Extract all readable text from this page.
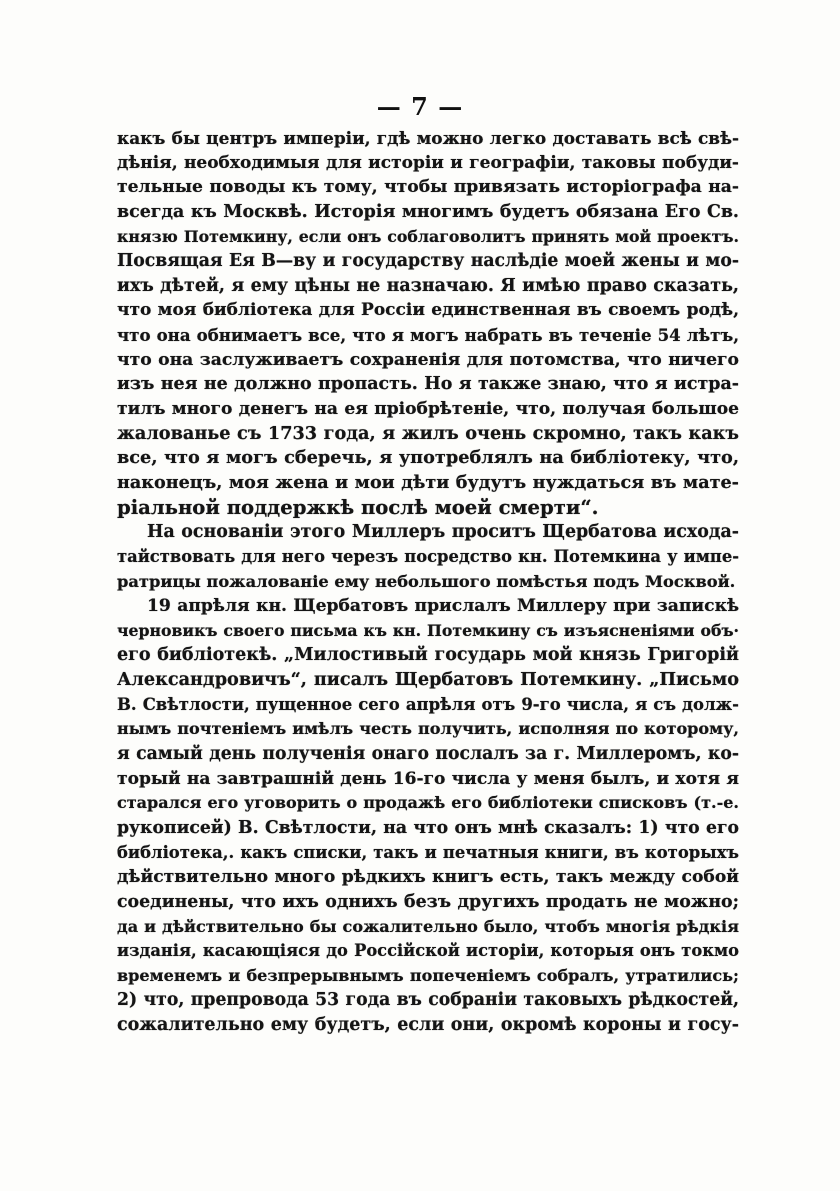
— 7 —
какъ бы центръ имперіи, гдѣ можно легко доставать всѣ свѣ-
дѣнія, необходимыя для исторіи и географіи, таковы побуди-
тельные поводы къ тому, чтобы привязать исторіографа на-
всегда къ Москвѣ. Исторія многимъ будетъ обязана Его Св.
князю Потемкину, если онъ соблаговолитъ принять мой проектъ.
Посвящая Ея В—ву и государству наслѣдіе моей жены и мо-
ихъ дѣтей, я ему цѣны не назначаю. Я имѣю право сказать,
что моя библіотека для Россіи единственная въ своемъ родѣ,
что она обнимаетъ все, что я могъ набрать въ теченіе 54 лѣтъ,
что она заслуживаетъ сохраненія для потомства, что ничего
изъ нея не должно пропасть. Но я также знаю, что я истра-
тилъ много денегъ на ея пріобрѣтеніе, что, получая большое
жалованье съ 1733 года, я жилъ очень скромно, такъ какъ
все, что я могъ сберечь, я употреблялъ на библіотеку, что,
наконецъ, моя жена и мои дѣти будутъ нуждаться въ мате-
ріальной поддержкѣ послѣ моей смерти“.
На основаніи этого Миллеръ проситъ Щербатова исхода-
тайствовать для него черезъ посредство кн. Потемкина у импе-
ратрицы пожалованіе ему небольшого помѣстья подъ Москвой.
19 апрѣля кн. Щербатовъ прислалъ Миллеру при запискѣ
черновикъ своего письма къ кн. Потемкину съ изъясненіями объ·
его библіотекѣ. „Милостивый государь мой князь Григорій
Александровичъ“, писалъ Щербатовъ Потемкину. „Письмо
В. Свѣтлости, пущенное сего апрѣля отъ 9-го числа, я съ долж-
нымъ почтеніемъ имѣлъ честь получить, исполняя по которому,
я самый день полученія онаго послалъ за г. Миллеромъ, ко-
торый на завтрашній день 16-го числа у меня былъ, и хотя я
старался его уговорить о продажѣ его библіотеки списковъ (т.-е.
рукописей) В. Свѣтлости, на что онъ мнѣ сказалъ: 1) что его
библіотека,. какъ списки, такъ и печатныя книги, въ которыхъ
дѣйствительно много рѣдкихъ книгъ есть, такъ между собой
соединены, что ихъ однихъ безъ другихъ продать не можно;
да и дѣйствительно бы сожалительно было, чтобъ многія рѣдкія
изданія, касающіяся до Россійской исторіи, которыя онъ токмо
временемъ и безпрерывнымъ попеченіемъ собралъ, утратились;
2) что, препровода 53 года въ собраніи таковыхъ рѣдкостей,
сожалительно ему будетъ, если они, окромѣ короны и госу-
